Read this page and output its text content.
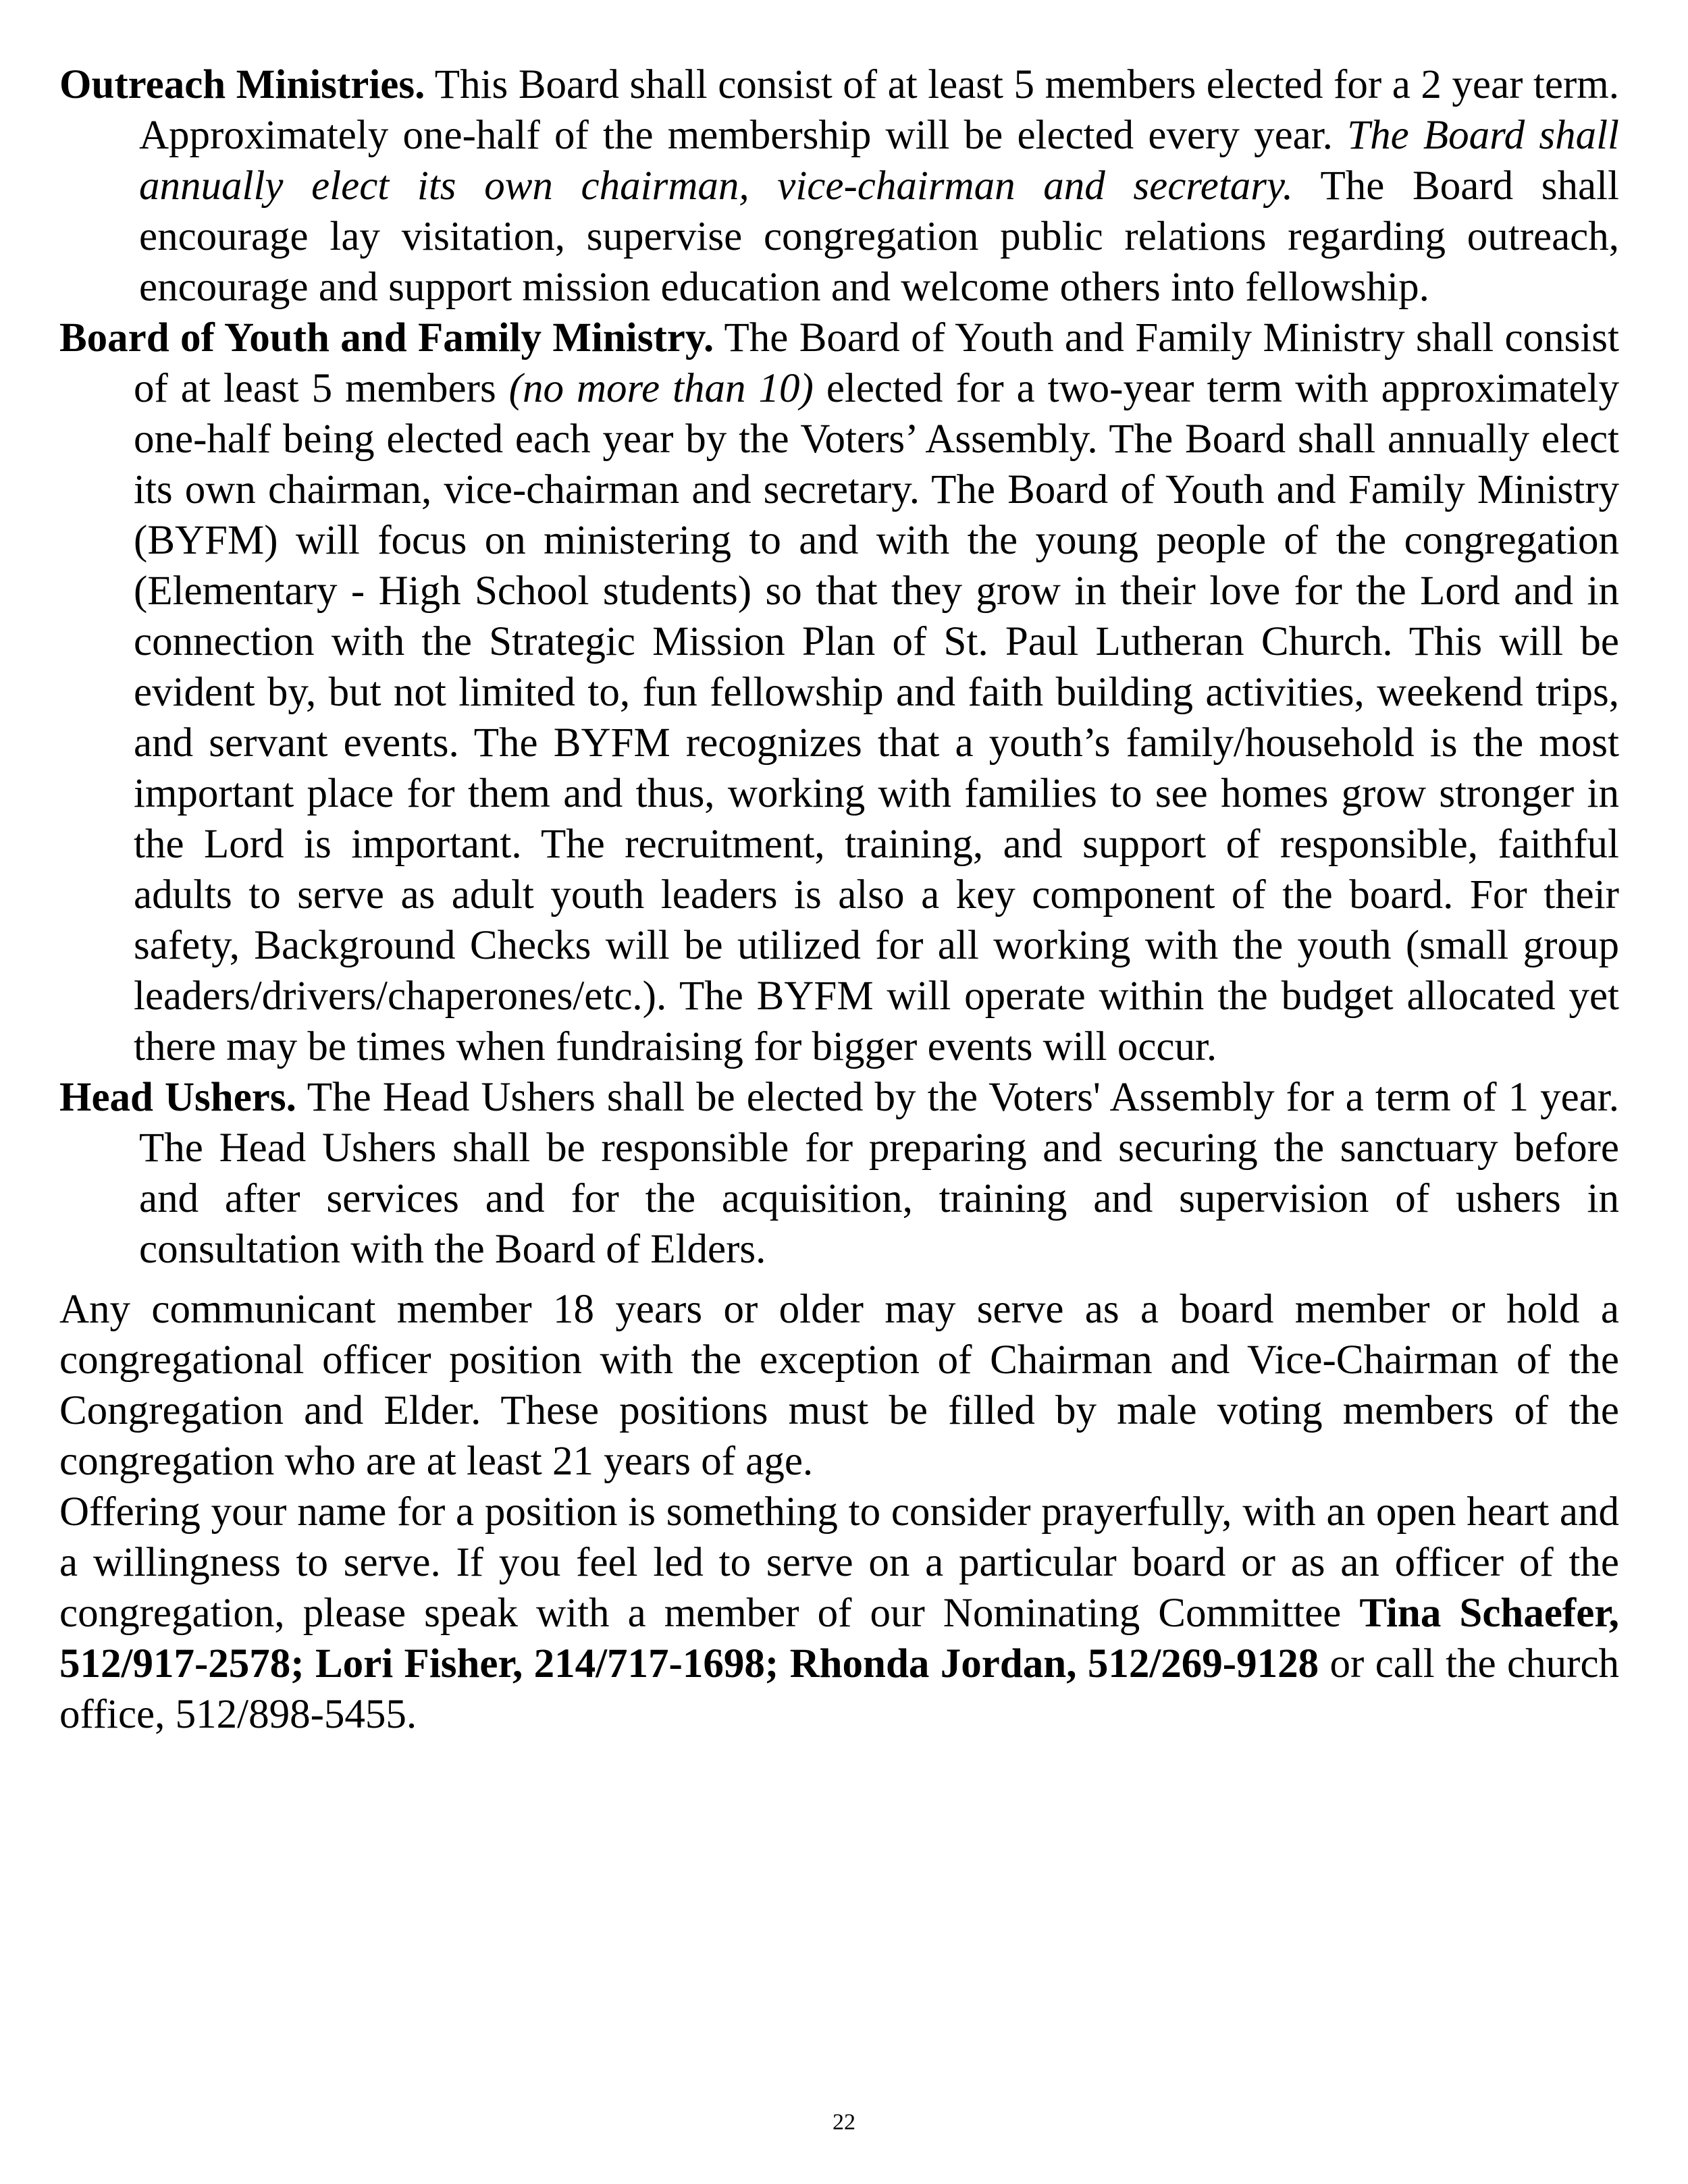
Outreach Ministries. This Board shall consist of at least 5 members elected for a 2 year term. Approximately one-half of the membership will be elected every year. The Board shall annually elect its own chairman, vice-chairman and secretary. The Board shall encourage lay visitation, supervise congregation public relations regarding outreach, encourage and support mission education and welcome others into fellowship.

Board of Youth and Family Ministry. The Board of Youth and Family Ministry shall consist of at least 5 members (no more than 10) elected for a two-year term with approximately one-half being elected each year by the Voters’ Assembly. The Board shall annually elect its own chairman, vice-chairman and secretary. The Board of Youth and Family Ministry (BYFM) will focus on ministering to and with the young people of the congregation (Elementary - High School students) so that they grow in their love for the Lord and in connection with the Strategic Mission Plan of St. Paul Lutheran Church. This will be evident by, but not limited to, fun fellowship and faith building activities, weekend trips, and servant events. The BYFM recognizes that a youth’s family/household is the most important place for them and thus, working with families to see homes grow stronger in the Lord is important. The recruitment, training, and support of responsible, faithful adults to serve as adult youth leaders is also a key component of the board. For their safety, Background Checks will be utilized for all working with the youth (small group leaders/drivers/chaperones/etc.). The BYFM will operate within the budget allocated yet there may be times when fundraising for bigger events will occur.

Head Ushers. The Head Ushers shall be elected by the Voters' Assembly for a term of 1 year. The Head Ushers shall be responsible for preparing and securing the sanctuary before and after services and for the acquisition, training and supervision of ushers in consultation with the Board of Elders.

Any communicant member 18 years or older may serve as a board member or hold a congregational officer position with the exception of Chairman and Vice-Chairman of the Congregation and Elder. These positions must be filled by male voting members of the congregation who are at least 21 years of age.

Offering your name for a position is something to consider prayerfully, with an open heart and a willingness to serve. If you feel led to serve on a particular board or as an officer of the congregation, please speak with a member of our Nominating Committee Tina Schaefer, 512/917-2578; Lori Fisher, 214/717-1698; Rhonda Jordan, 512/269-9128 or call the church office, 512/898-5455.

22
